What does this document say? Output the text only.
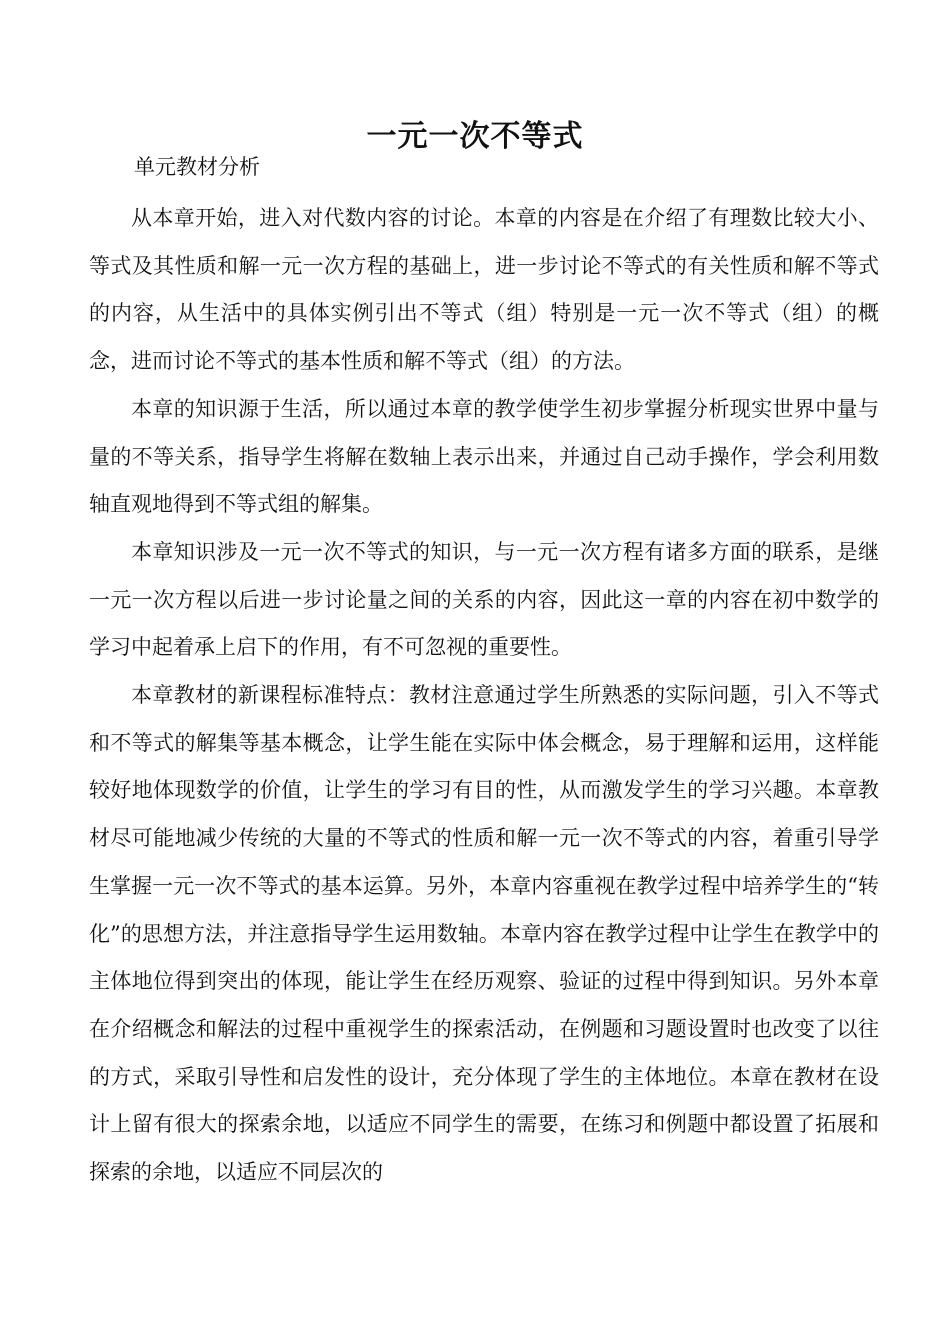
一元一次不等式
单元教材分析

从本章开始，进入对代数内容的讨论。本章的内容是在介绍了有理数比较大小、等式及其性质和解一元一次方程的基础上，进一步讨论不等式的有关性质和解不等式的内容，从生活中的具体实例引出不等式（组）特别是一元一次不等式（组）的概念，进而讨论不等式的基本性质和解不等式（组）的方法。

本章的知识源于生活，所以通过本章的教学使学生初步掌握分析现实世界中量与量的不等关系，指导学生将解在数轴上表示出来，并通过自己动手操作，学会利用数轴直观地得到不等式组的解集。

本章知识涉及一元一次不等式的知识，与一元一次方程有诸多方面的联系，是继一元一次方程以后进一步讨论量之间的关系的内容，因此这一章的内容在初中数学的学习中起着承上启下的作用，有不可忽视的重要性。

本章教材的新课程标准特点：教材注意通过学生所熟悉的实际问题，引入不等式和不等式的解集等基本概念，让学生能在实际中体会概念，易于理解和运用，这样能较好地体现数学的价值，让学生的学习有目的性，从而激发学生的学习兴趣。本章教材尽可能地减少传统的大量的不等式的性质和解一元一次不等式的内容，着重引导学生掌握一元一次不等式的基本运算。另外，本章内容重视在教学过程中培养学生的“转化”的思想方法，并注意指导学生运用数轴。本章内容在教学过程中让学生在教学中的主体地位得到突出的体现，能让学生在经历观察、验证的过程中得到知识。另外本章在介绍概念和解法的过程中重视学生的探索活动，在例题和习题设置时也改变了以往的方式，采取引导性和启发性的设计，充分体现了学生的主体地位。本章在教材在设计上留有很大的探索余地，以适应不同学生的需要，在练习和例题中都设置了拓展和探索的余地，以适应不同层次的
